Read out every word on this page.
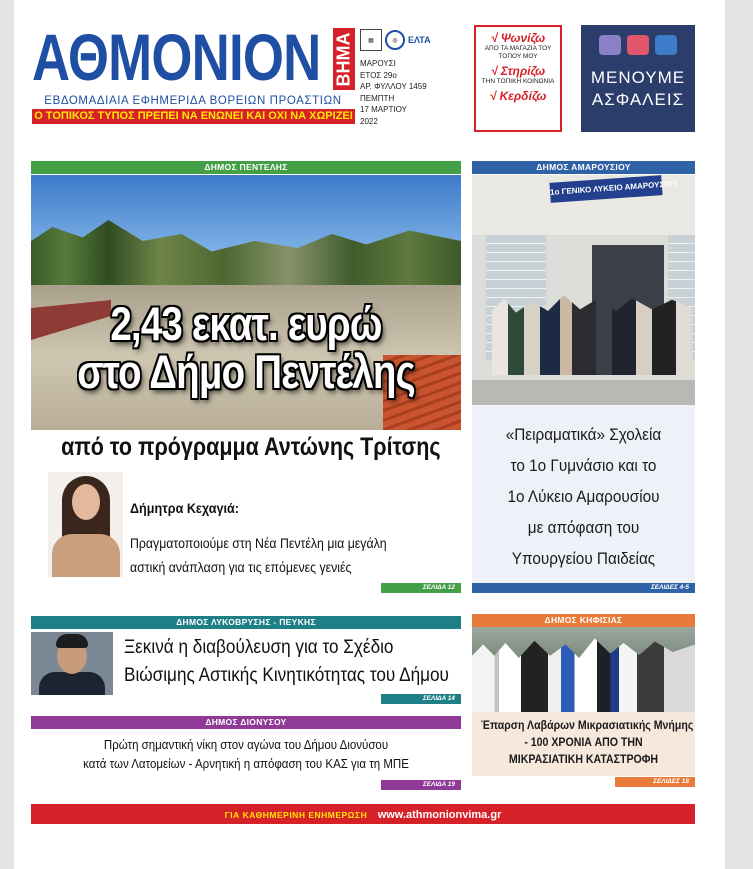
ΑΘΜΟΝΙΟΝ ΒΗΜΑ
ΕΒΔΟΜΑΔΙΑΙΑ ΕΦΗΜΕΡΙΔΑ ΒΟΡΕΙΩΝ ΠΡΟΑΣΤΙΩΝ
Ο ΤΟΠΙΚΟΣ ΤΥΠΟΣ ΠΡΕΠΕΙ ΝΑ ΕΝΩΝΕΙ ΚΑΙ ΟΧΙ ΝΑ ΧΩΡΙΖΕΙ
▦	◎	ΕΛΤΑ
ΜΑΡΟΥΣΙ
ΕΤΟΣ 29ο
ΑΡ. ΦΥΛΛΟΥ 1459
ΠΕΜΠΤΗ
17 ΜΑΡΤΙΟΥ
2022
√ Ψωνίζω
ΑΠΟ ΤΑ ΜΑΓΑΖΙΑ ΤΟΥ ΤΟΠΟΥ ΜΟΥ
√ Στηρίζω
ΤΗΝ ΤΟΠΙΚΗ ΚΟΙΝΩΝΙΑ
√ Κερδίζω
ΜΕΝΟΥΜΕ
ΑΣΦΑΛΕΙΣ
ΔΗΜΟΣ ΠΕΝΤΕΛΗΣ
2,43 εκατ. ευρώ
στο Δήμο Πεντέλης
από το πρόγραμμα Αντώνης Τρίτσης
Δήμητρα Κεχαγιά:
Πραγματοποιούμε στη Νέα Πεντέλη μια μεγάλη
αστική ανάπλαση για τις επόμενες γενιές
ΣΕΛΙΔΑ 12
ΔΗΜΟΣ ΑΜΑΡΟΥΣΙΟΥ
1ο ΓΕΝΙΚΟ ΛΥΚΕΙΟ ΑΜΑΡΟΥΣΙΟΥ
«Πειραματικά» Σχολεία
το 1ο Γυμνάσιο και το
1ο Λύκειο Αμαρουσίου
με απόφαση του
Υπουργείου Παιδείας
ΣΕΛΙΔΕΣ 4-5
ΔΗΜΟΣ ΛΥΚΟΒΡΥΣΗΣ - ΠΕΥΚΗΣ
Ξεκινά η διαβούλευση για το Σχέδιο
Βιώσιμης Αστικής Κινητικότητας του Δήμου
ΣΕΛΙΔΑ 14
ΔΗΜΟΣ ΔΙΟΝΥΣΟΥ
Πρώτη σημαντική νίκη στον αγώνα του Δήμου Διονύσου
κατά των Λατομείων - Αρνητική η απόφαση του ΚΑΣ για τη ΜΠΕ
ΣΕΛΙΔΑ 19
ΔΗΜΟΣ ΚΗΦΙΣΙΑΣ
Έπαρση Λαβάρων Μικρασιατικής Μνήμης
- 100 ΧΡΟΝΙΑ ΑΠΟ ΤΗΝ
ΜΙΚΡΑΣΙΑΤΙΚΗ ΚΑΤΑΣΤΡΟΦΗ
ΣΕΛΙΔΕΣ 18
ΓΙΑ ΚΑΘΗΜΕΡΙΝΗ ΕΝΗΜΕΡΩΣΗ www.athmonionvima.gr
